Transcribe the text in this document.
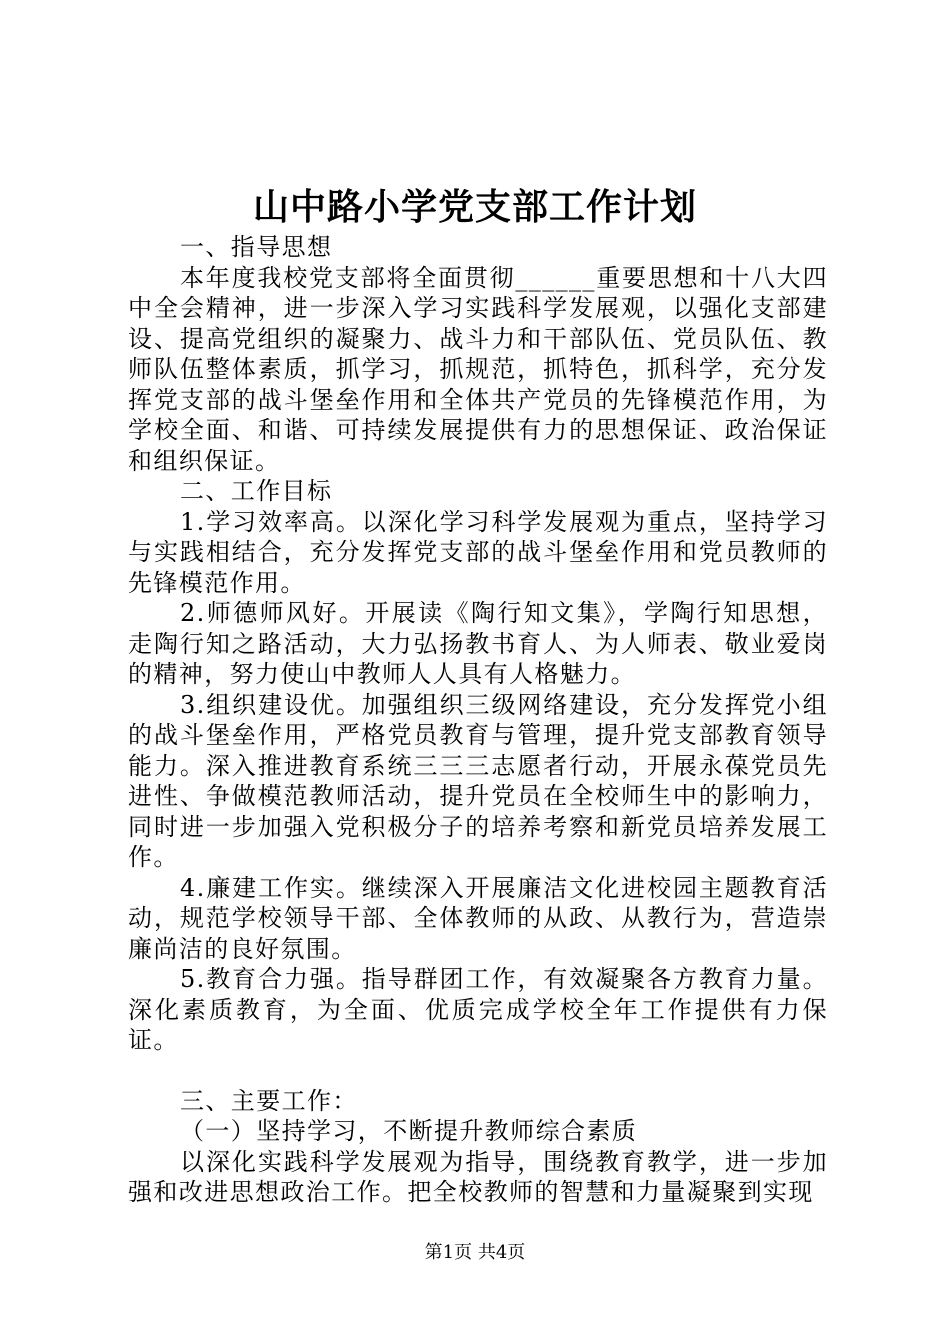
山中路小学党支部工作计划

一、指导思想

本年度我校党支部将全面贯彻______重要思想和十八大四中全会精神，进一步深入学习实践科学发展观，以强化支部建设、提高党组织的凝聚力、战斗力和干部队伍、党员队伍、教师队伍整体素质，抓学习，抓规范，抓特色，抓科学，充分发挥党支部的战斗堡垒作用和全体共产党员的先锋模范作用，为学校全面、和谐、可持续发展提供有力的思想保证、政治保证和组织保证。

二、工作目标

1.学习效率高。以深化学习科学发展观为重点，坚持学习与实践相结合，充分发挥党支部的战斗堡垒作用和党员教师的先锋模范作用。

2.师德师风好。开展读《陶行知文集》，学陶行知思想，走陶行知之路活动，大力弘扬教书育人、为人师表、敬业爱岗的精神，努力使山中教师人人具有人格魅力。

3.组织建设优。加强组织三级网络建设，充分发挥党小组的战斗堡垒作用，严格党员教育与管理，提升党支部教育领导能力。深入推进教育系统三三三志愿者行动，开展永葆党员先进性、争做模范教师活动，提升党员在全校师生中的影响力，同时进一步加强入党积极分子的培养考察和新党员培养发展工作。

4.廉建工作实。继续深入开展廉洁文化进校园主题教育活动，规范学校领导干部、全体教师的从政、从教行为，营造崇廉尚洁的良好氛围。

5.教育合力强。指导群团工作，有效凝聚各方教育力量。深化素质教育，为全面、优质完成学校全年工作提供有力保证。

三、主要工作：

（一）坚持学习，不断提升教师综合素质

以深化实践科学发展观为指导，围绕教育教学，进一步加强和改进思想政治工作。把全校教师的智慧和力量凝聚到实现

第1页 共4页
